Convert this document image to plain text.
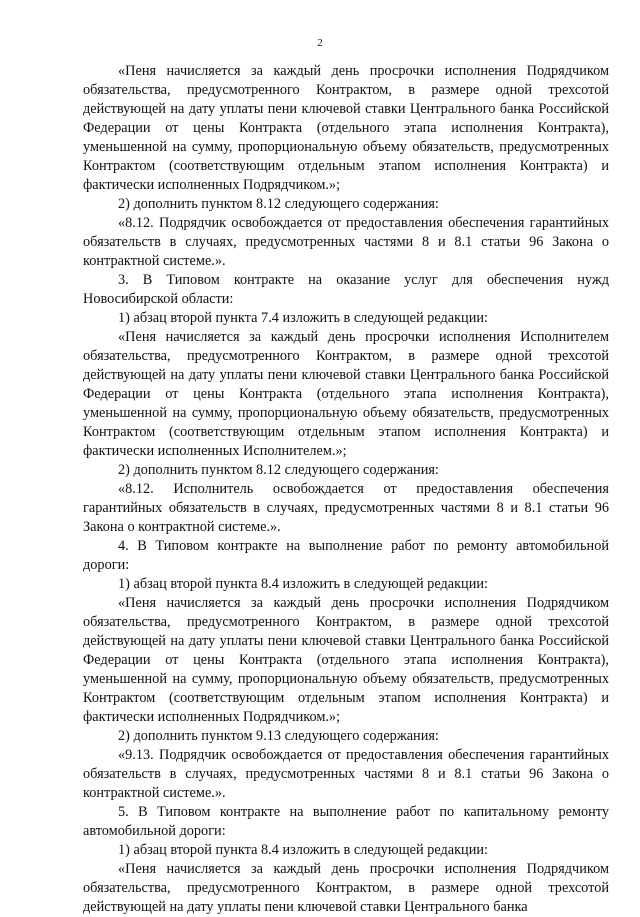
2

«Пеня начисляется за каждый день просрочки исполнения Подрядчиком обязательства, предусмотренного Контрактом, в размере одной трехсотой действующей на дату уплаты пени ключевой ставки Центрального банка Российской Федерации от цены Контракта (отдельного этапа исполнения Контракта), уменьшенной на сумму, пропорциональную объему обязательств, предусмотренных Контрактом (соответствующим отдельным этапом исполнения Контракта) и фактически исполненных Подрядчиком.»;

2) дополнить пунктом 8.12 следующего содержания:

«8.12. Подрядчик освобождается от предоставления обеспечения гарантийных обязательств в случаях, предусмотренных частями 8 и 8.1 статьи 96 Закона о контрактной системе.».

3. В Типовом контракте на оказание услуг для обеспечения нужд Новосибирской области:

1) абзац второй пункта 7.4 изложить в следующей редакции:

«Пеня начисляется за каждый день просрочки исполнения Исполнителем обязательства, предусмотренного Контрактом, в размере одной трехсотой действующей на дату уплаты пени ключевой ставки Центрального банка Российской Федерации от цены Контракта (отдельного этапа исполнения Контракта), уменьшенной на сумму, пропорциональную объему обязательств, предусмотренных Контрактом (соответствующим отдельным этапом исполнения Контракта) и фактически исполненных Исполнителем.»;

2) дополнить пунктом 8.12 следующего содержания:

«8.12. Исполнитель освобождается от предоставления обеспечения гарантийных обязательств в случаях, предусмотренных частями 8 и 8.1 статьи 96 Закона о контрактной системе.».

4. В Типовом контракте на выполнение работ по ремонту автомобильной дороги:

1) абзац второй пункта 8.4 изложить в следующей редакции:

«Пеня начисляется за каждый день просрочки исполнения Подрядчиком обязательства, предусмотренного Контрактом, в размере одной трехсотой действующей на дату уплаты пени ключевой ставки Центрального банка Российской Федерации от цены Контракта (отдельного этапа исполнения Контракта), уменьшенной на сумму, пропорциональную объему обязательств, предусмотренных Контрактом (соответствующим отдельным этапом исполнения Контракта) и фактически исполненных Подрядчиком.»;

2) дополнить пунктом 9.13 следующего содержания:

«9.13. Подрядчик освобождается от предоставления обеспечения гарантийных обязательств в случаях, предусмотренных частями 8 и 8.1 статьи 96 Закона о контрактной системе.».

5. В Типовом контракте на выполнение работ по капитальному ремонту автомобильной дороги:

1) абзац второй пункта 8.4 изложить в следующей редакции:

«Пеня начисляется за каждый день просрочки исполнения Подрядчиком обязательства, предусмотренного Контрактом, в размере одной трехсотой действующей на дату уплаты пени ключевой ставки Центрального банка
